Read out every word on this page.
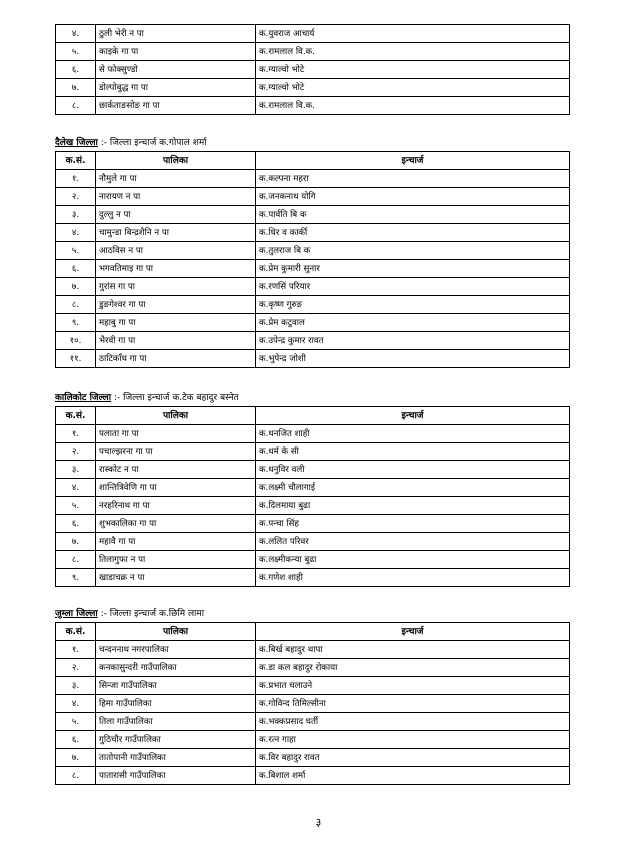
४.	ठुली भेरी न पा	क.युवराज आचार्य
५.	काइके गा पा	क.रामलाल वि.क.
६.	से फोक्सुण्डो	क.ग्याल्वो भोटे
७.	डोल्पोबुद्ध गा पा	क.ग्याल्वो भोटे
८.	छार्कताङसोङ गा पा	क.रामलाल वि.क.
दैलेख जिल्ला :- जिल्ला इन्चार्ज क.गोपाल शर्मा
क.सं.	पालिका	इन्चार्ज
१.	नौमुले गा पा	क.कल्पना महरा
२.	नारायण न पा	क.जनकनाथ योगि
३.	दुल्लु न पा	क.पार्वति बि क
४.	चामुन्डा बिन्द्रशैनि न पा	क.धिर व कार्की
५.	आठविस न पा	क.तुलराज बि क
६.	भगवतिमाइ गा पा	क.प्रेम कुमारी सुनार
७.	गुरांस गा पा	क.रणसिं परियार
८.	डुङगेश्वर गा पा	क.कृष्ण गुरुङ
९.	महाबु गा पा	क.प्रेम कटुवाल
१०.	भैरवी गा पा	क.उपेन्द्र कुमार रावत
११.	ठाटिकाँध गा पा	क.भुपेन्द्र जोशी
कालिकोट जिल्ला :- जिल्ला इन्चार्ज क.टेक बहादुर बस्नेत
क.सं.	पालिका	इन्चार्ज
१.	पलाता गा पा	क.धनजित शाही
२.	पचाल्झरना गा पा	क.धर्म के सी
३.	रास्कोट न पा	क.धनुविर वली
४.	शान्तित्रिवेणि गा पा	क.लक्ष्मी चौलागाई
५.	नरहरिनाथ गा पा	क.दिलमाया बुढा
६.	शुभकालिका गा पा	क.पन्चा सिंह
७.	महावै गा पा	क.ललित परिवर
८.	तिलागुफा न पा	क.लक्ष्मीकन्या बुढा
९.	खाडाचक्र न पा	क.गणेश शाही
जुम्ला जिल्ला :- जिल्ला इन्चार्ज क.छिमि लामा
क.सं.	पालिका	इन्चार्ज
१.	चन्दननाथ नगरपालिका	क.बिर्ख बहादुर थापा
२.	कनकासुन्दरी गाउँपालिका	क.डा कल बहादुर रोकाया
३.	सिन्जा गाउँपालिका	क.प्रभात चलाउने
४.	हिमा गाउँपालिका	क.गोविन्द तिमिल्सीना
५.	तिला गाउँपालिका	क.भक्कप्रसाद घर्ती
६.	गुठिचौर गाउँपालिका	क.रत्न गाहा
७.	तातोपानी गाउँपालिका	क.विर बहादुर रावत
८.	पातारासी गाउँपालिका	क.बिशाल शर्मा
३
